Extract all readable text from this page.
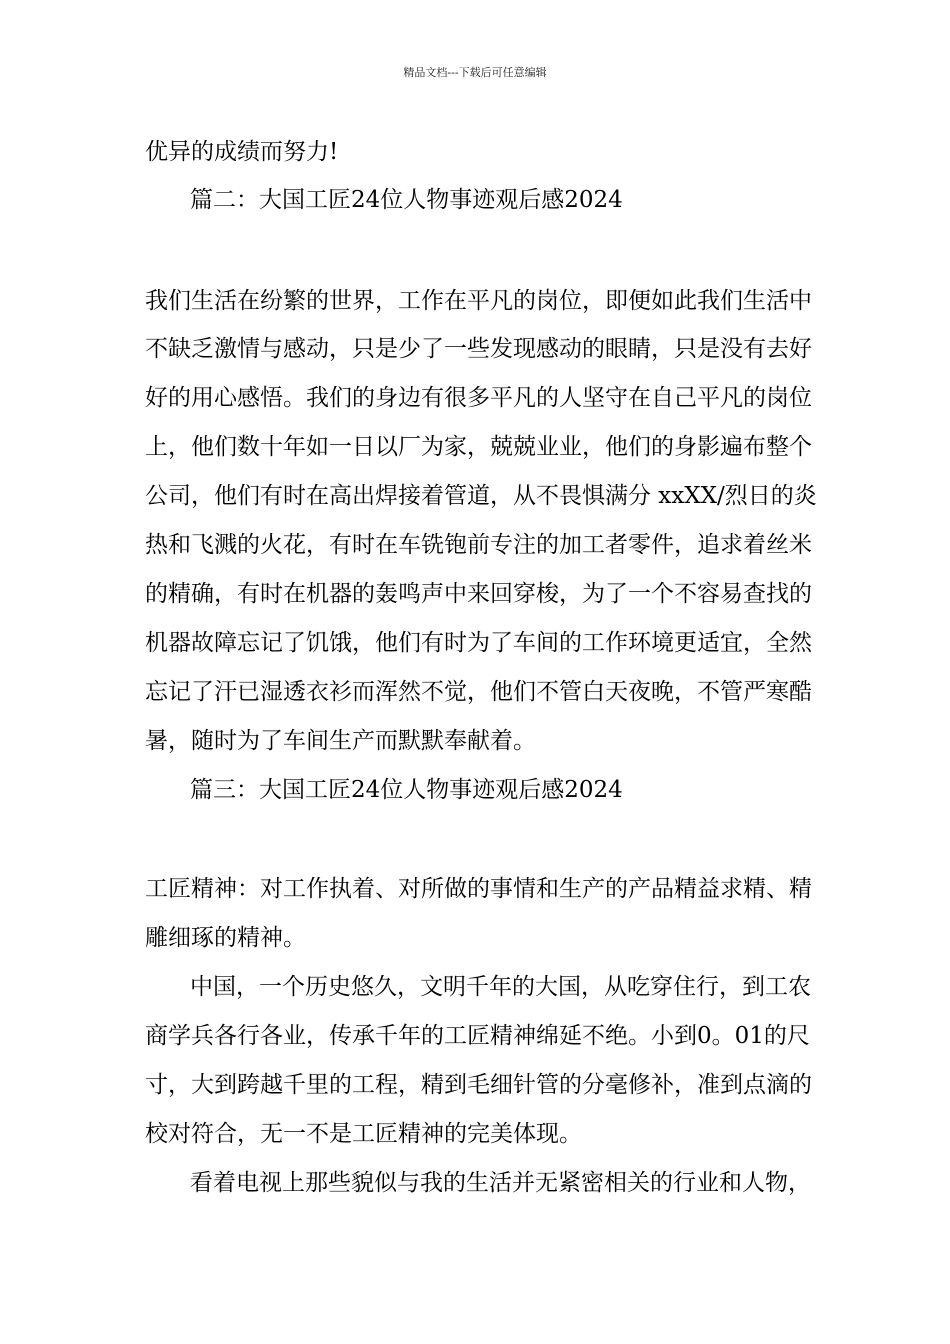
精品文档---下载后可任意编辑
优异的成绩而努力!
篇二：大国工匠24位人物事迹观后感2024
我们生活在纷繁的世界，工作在平凡的岗位，即便如此我们生活中
不缺乏激情与感动，只是少了一些发现感动的眼睛，只是没有去好
好的用心感悟。我们的身边有很多平凡的人坚守在自己平凡的岗位
上，他们数十年如一日以厂为家，兢兢业业，他们的身影遍布整个
公司，他们有时在高出焊接着管道，从不畏惧满分 xxXX/烈日的炎
热和飞溅的火花，有时在车铣铇前专注的加工者零件，追求着丝米
的精确，有时在机器的轰鸣声中来回穿梭，为了一个不容易查找的
机器故障忘记了饥饿，他们有时为了车间的工作环境更适宜，全然
忘记了汗已湿透衣衫而浑然不觉，他们不管白天夜晚，不管严寒酷
暑，随时为了车间生产而默默奉献着。
篇三：大国工匠24位人物事迹观后感2024
工匠精神：对工作执着、对所做的事情和生产的产品精益求精、精
雕细琢的精神。
中国，一个历史悠久，文明千年的大国，从吃穿住行，到工农
商学兵各行各业，传承千年的工匠精神绵延不绝。小到0。01的尺
寸，大到跨越千里的工程，精到毛细针管的分毫修补，准到点滴的
校对符合，无一不是工匠精神的完美体现。
看着电视上那些貌似与我的生活并无紧密相关的行业和人物，
